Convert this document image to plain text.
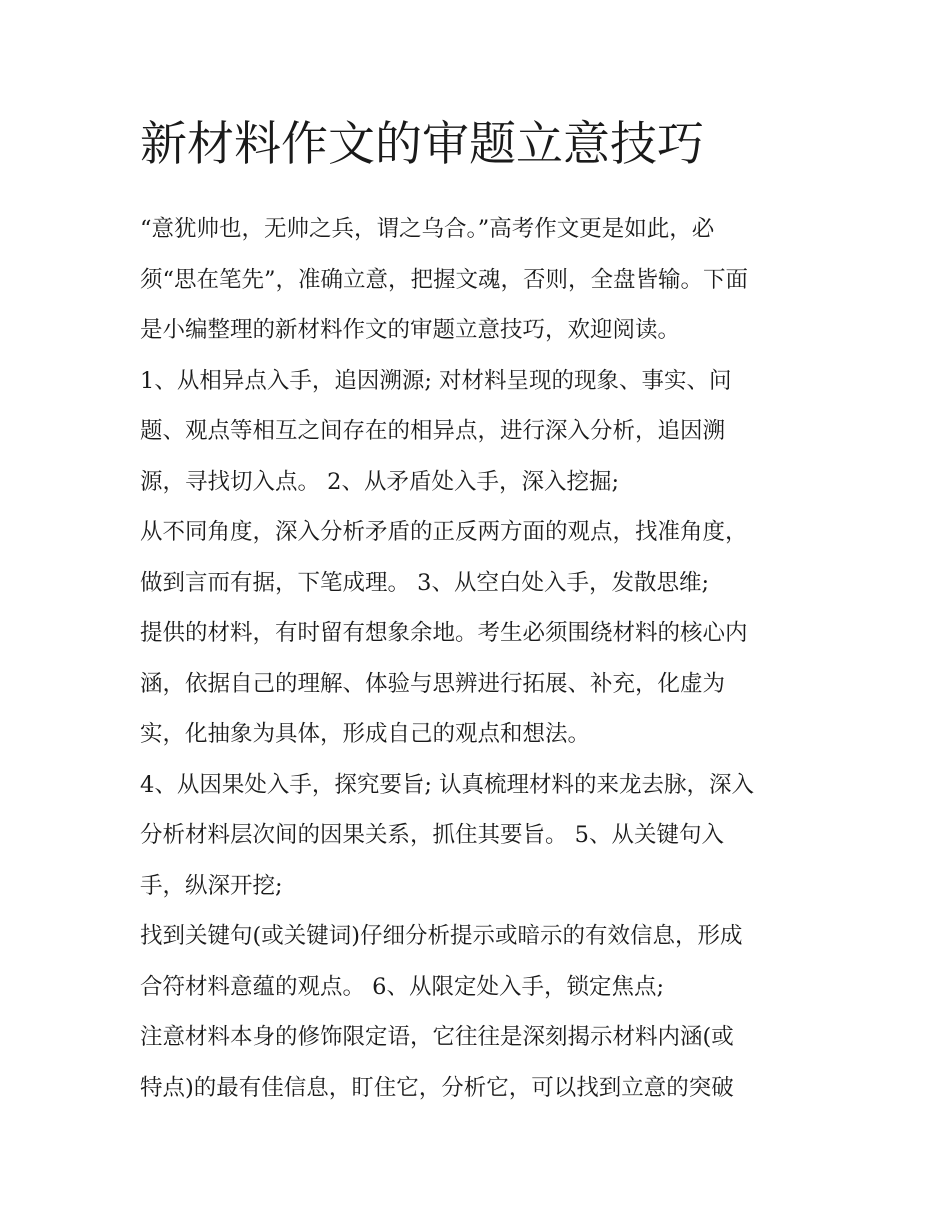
新材料作文的审题立意技巧
“意犹帅也，无帅之兵，谓之乌合。”高考作文更是如此，必
须“思在笔先”，准确立意，把握文魂，否则，全盘皆输。下面
是小编整理的新材料作文的审题立意技巧，欢迎阅读。
1、从相异点入手，追因溯源; 对材料呈现的现象、事实、问
题、观点等相互之间存在的相异点，进行深入分析，追因溯
源，寻找切入点。 2、从矛盾处入手，深入挖掘;
从不同角度，深入分析矛盾的正反两方面的观点，找准角度，
做到言而有据，下笔成理。 3、从空白处入手，发散思维;
提供的材料，有时留有想象余地。考生必须围绕材料的核心内
涵，依据自己的理解、体验与思辨进行拓展、补充，化虚为
实，化抽象为具体，形成自己的观点和想法。
4、从因果处入手，探究要旨; 认真梳理材料的来龙去脉，深入
分析材料层次间的因果关系，抓住其要旨。 5、从关键句入
手，纵深开挖;
找到关键句(或关键词)仔细分析提示或暗示的有效信息，形成
合符材料意蕴的观点。 6、从限定处入手，锁定焦点;
注意材料本身的修饰限定语，它往往是深刻揭示材料内涵(或
特点)的最有佳信息，盯住它，分析它，可以找到立意的突破
